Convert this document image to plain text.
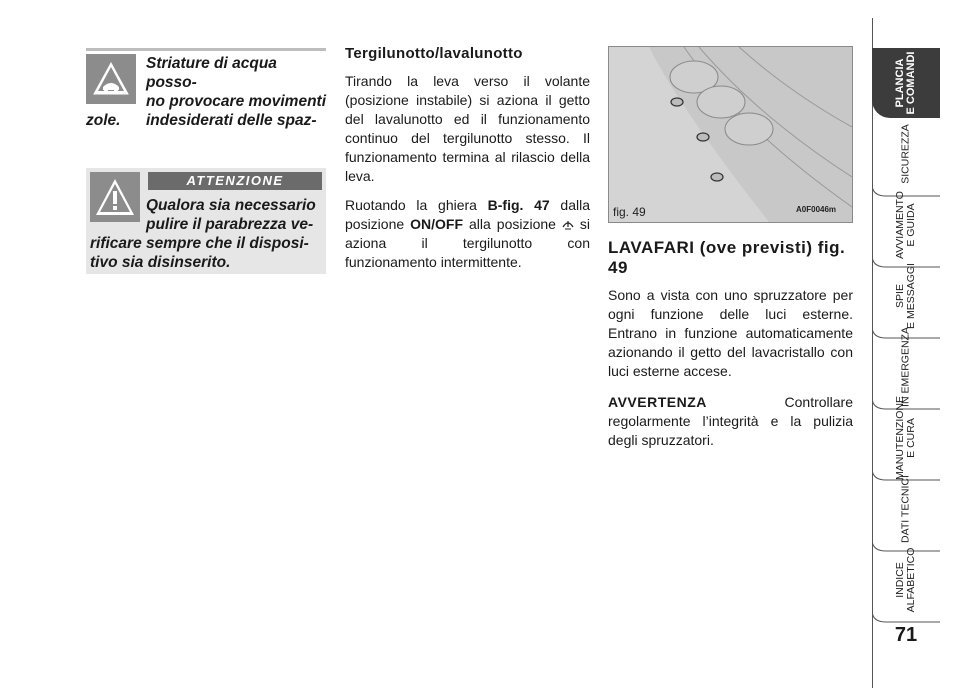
Striature di acqua posso-
no provocare movimenti
indesiderati delle spaz-
zole.
ATTENZIONE
Qualora sia necessario
pulire il parabrezza ve-
rificare sempre che il disposi-
tivo sia disinserito.
Tergilunotto/lavalunotto

Tirando la leva verso il volante (posizione instabile) si aziona il getto del lavalunotto ed il funzionamento continuo del tergilunotto stesso. Il funzionamento termina al rilascio della leva.

Ruotando la ghiera B-fig. 47 dalla posizione ON/OFF alla posizione  si aziona il tergilunotto con funzionamento intermittente.

fig. 49	A0F0046m
LAVAFARI (ove previsti) fig. 49

Sono a vista con uno spruzzatore per ogni funzione delle luci esterne. Entrano in funzione automaticamente azionando il getto del lavacristallo con luci esterne accese.

AVVERTENZA Controllare regolarmente l’integrità e la pulizia degli spruzzatori.

PLANCIA
E COMANDI
SICUREZZA
AVVIAMENTO
E GUIDA
SPIE
E MESSAGGI
IN EMERGENZA
MANUTENZIONE
E CURA
DATI TECNICI
INDICE
ALFABETICO
71
